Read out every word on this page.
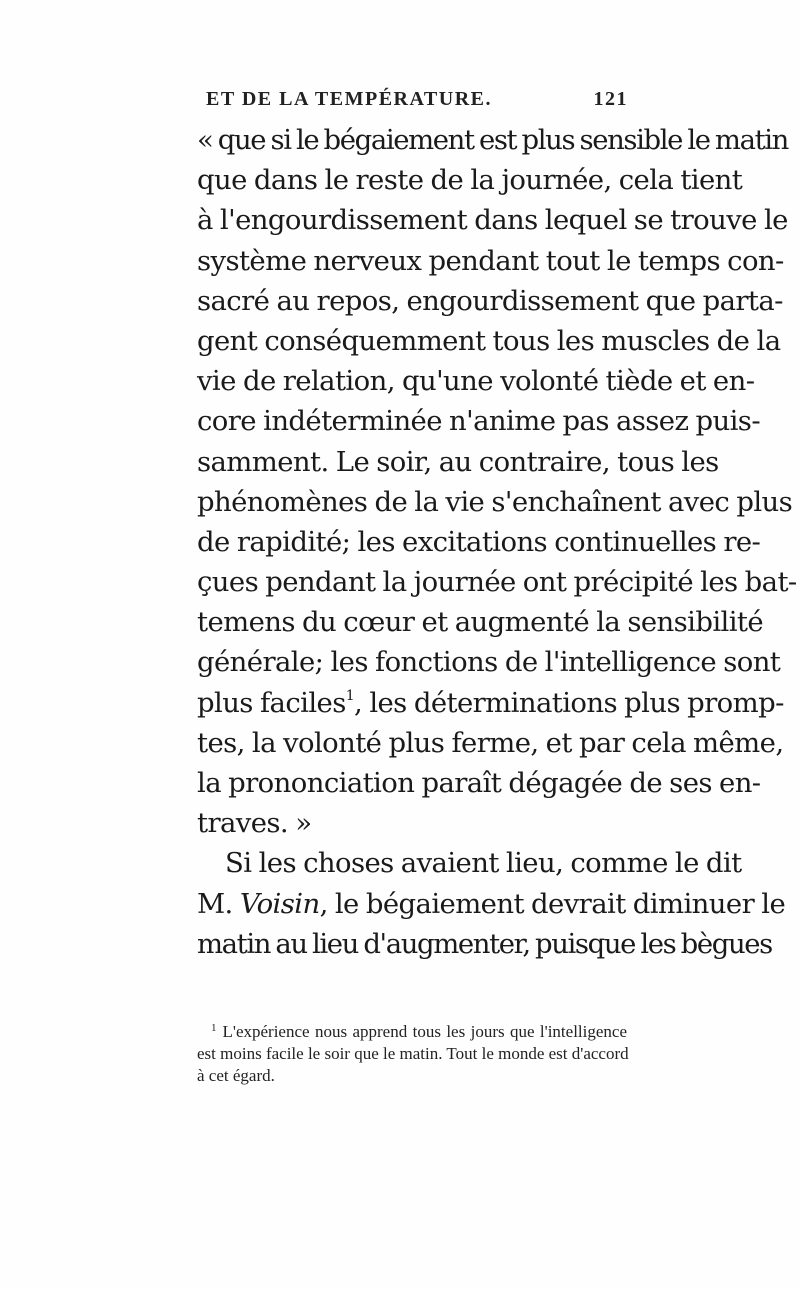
ET DE LA TEMPÉRATURE.	121
« que si le bégaiement est plus sensible le matin
que dans le reste de la journée, cela tient
à l'engourdissement dans lequel se trouve le
système nerveux pendant tout le temps con-
sacré au repos, engourdissement que parta-
gent conséquemment tous les muscles de la
vie de relation, qu'une volonté tiède et en-
core indéterminée n'anime pas assez puis-
samment. Le soir, au contraire, tous les
phénomènes de la vie s'enchaînent avec plus
de rapidité; les excitations continuelles re-
çues pendant la journée ont précipité les bat-
temens du cœur et augmenté la sensibilité
générale; les fonctions de l'intelligence sont
plus faciles$^1$, les déterminations plus promp-
tes, la volonté plus ferme, et par cela même,
la prononciation paraît dégagée de ses en-
traves. »
Si les choses avaient lieu, comme le dit
M. Voisin, le bégaiement devrait diminuer le
matin au lieu d'augmenter, puisque les bègues
$^1$ L'expérience nous apprend tous les jours que l'intelligence
est moins facile le soir que le matin. Tout le monde est d'accord
à cet égard.
